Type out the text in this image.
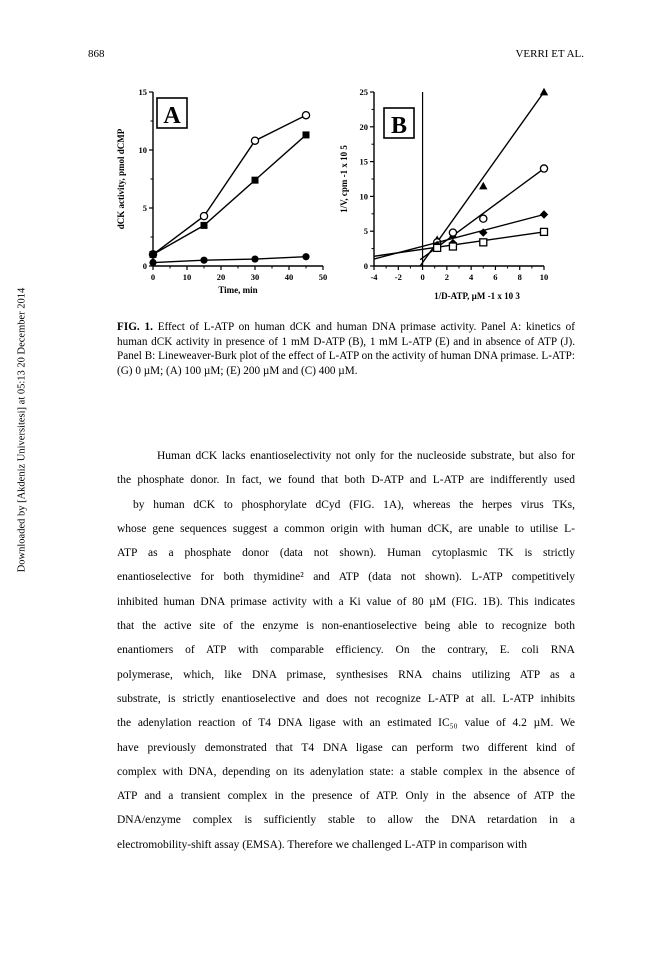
868	VERRI ET AL.
Downloaded by [Akdeniz Universitesi] at 05:13 20 December 2014
0	10	20	30	40	50
0
5
10
15
Time, min
dCK activity, pmol dCMP
A
-4 -2 0 2 4 6 8 10
0
5
10
15
20
25
1/D-ATP, µM -1 x 10 3
1/V, cpm -1 x 10 5
B
FIG. 1. Effect of L-ATP on human dCK and human DNA primase activity. Panel A: kinetics of human dCK activity in presence of 1 mM D-ATP (B), 1 mM L-ATP (E) and in absence of ATP (J). Panel B: Lineweaver-Burk plot of the effect of L-ATP on the activity of human DNA primase. L-ATP: (G) 0 µM; (A) 100 µM; (E) 200 µM and (C) 400 µM.

Human dCK lacks enantioselectivity not only for the nucleoside substrate, but also for

the phosphate donor. In fact, we found that both D-ATP and L-ATP are indifferently used

by human dCK to phosphorylate dCyd (FIG. 1A), whereas the herpes virus TKs,

whose gene sequences suggest a common origin with human dCK, are unable to utilise L-

ATP as a phosphate donor (data not shown). Human cytoplasmic TK is strictly

enantioselective for both thymidine² and ATP (data not shown). L-ATP competitively

inhibited human DNA primase activity with a Ki value of 80 µM (FIG. 1B). This indicates

that the active site of the enzyme is non-enantioselective being able to recognize both

enantiomers of ATP with comparable efficiency. On the contrary, E. coli RNA

polymerase, which, like DNA primase, synthesises RNA chains utilizing ATP as a

substrate, is strictly enantioselective and does not recognize L-ATP at all. L-ATP inhibits

the adenylation reaction of T4 DNA ligase with an estimated IC₅₀ value of 4.2 µM. We

have previously demonstrated that T4 DNA ligase can perform two different kind of

complex with DNA, depending on its adenylation state: a stable complex in the absence of

ATP and a transient complex in the presence of ATP. Only in the absence of ATP the

DNA/enzyme complex is sufficiently stable to allow the DNA retardation in a

electromobility-shift assay (EMSA). Therefore we challenged L-ATP in comparison with
